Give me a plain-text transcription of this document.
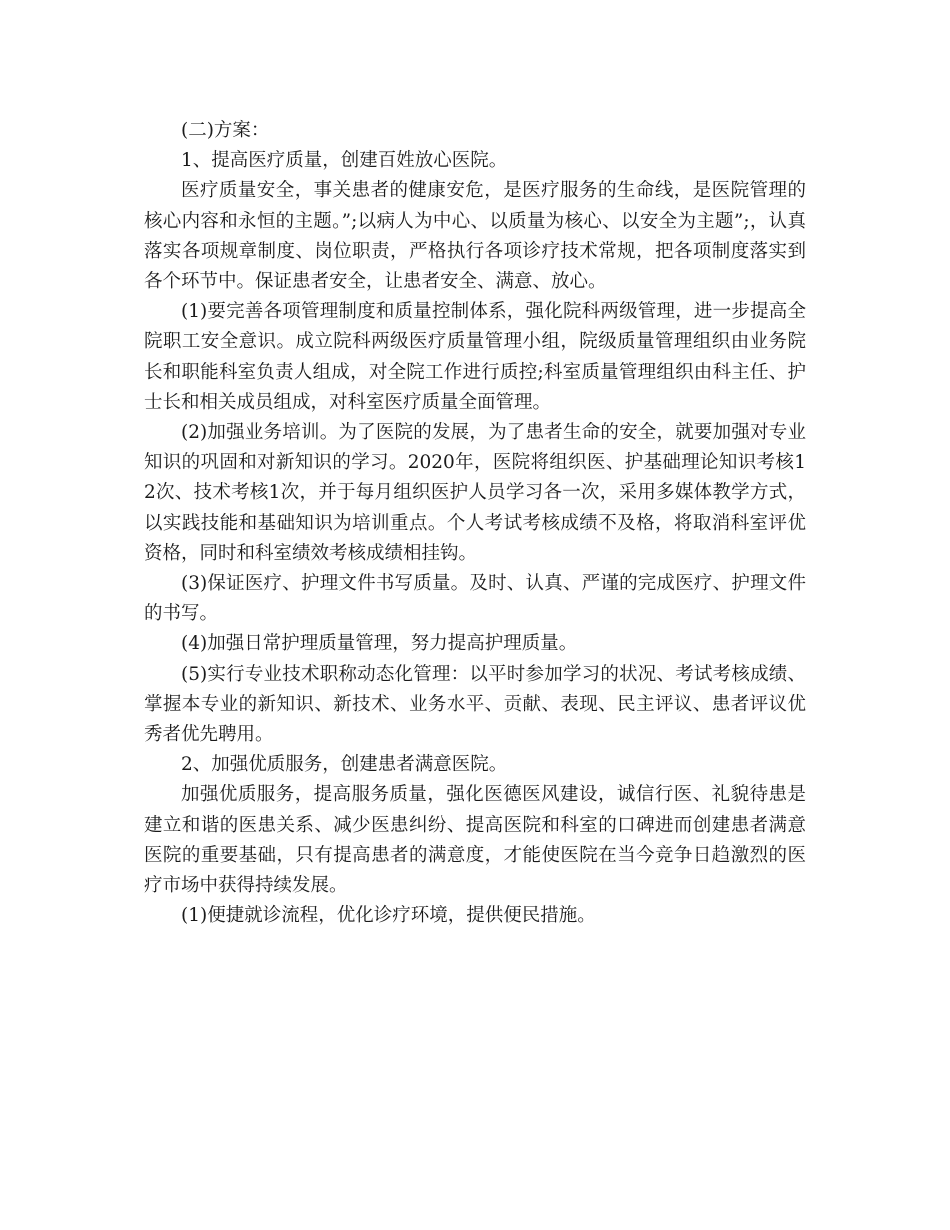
(二)方案：

1、提高医疗质量，创建百姓放心医院。

医疗质量安全，事关患者的健康安危，是医疗服务的生命线，是医院管理的核心内容和永恒的主题。”;以病人为中心、以质量为核心、以安全为主题”;，认真落实各项规章制度、岗位职责，严格执行各项诊疗技术常规，把各项制度落实到各个环节中。保证患者安全，让患者安全、满意、放心。

(1)要完善各项管理制度和质量控制体系，强化院科两级管理，进一步提高全院职工安全意识。成立院科两级医疗质量管理小组，院级质量管理组织由业务院长和职能科室负责人组成，对全院工作进行质控;科室质量管理组织由科主任、护士长和相关成员组成，对科室医疗质量全面管理。

(2)加强业务培训。为了医院的发展，为了患者生命的安全，就要加强对专业知识的巩固和对新知识的学习。2020年，医院将组织医、护基础理论知识考核12次、技术考核1次，并于每月组织医护人员学习各一次，采用多媒体教学方式，以实践技能和基础知识为培训重点。个人考试考核成绩不及格，将取消科室评优资格，同时和科室绩效考核成绩相挂钩。

(3)保证医疗、护理文件书写质量。及时、认真、严谨的完成医疗、护理文件的书写。

(4)加强日常护理质量管理，努力提高护理质量。

(5)实行专业技术职称动态化管理：以平时参加学习的状况、考试考核成绩、掌握本专业的新知识、新技术、业务水平、贡献、表现、民主评议、患者评议优秀者优先聘用。

2、加强优质服务，创建患者满意医院。

加强优质服务，提高服务质量，强化医德医风建设，诚信行医、礼貌待患是建立和谐的医患关系、减少医患纠纷、提高医院和科室的口碑进而创建患者满意医院的重要基础，只有提高患者的满意度，才能使医院在当今竞争日趋激烈的医疗市场中获得持续发展。

(1)便捷就诊流程，优化诊疗环境，提供便民措施。
